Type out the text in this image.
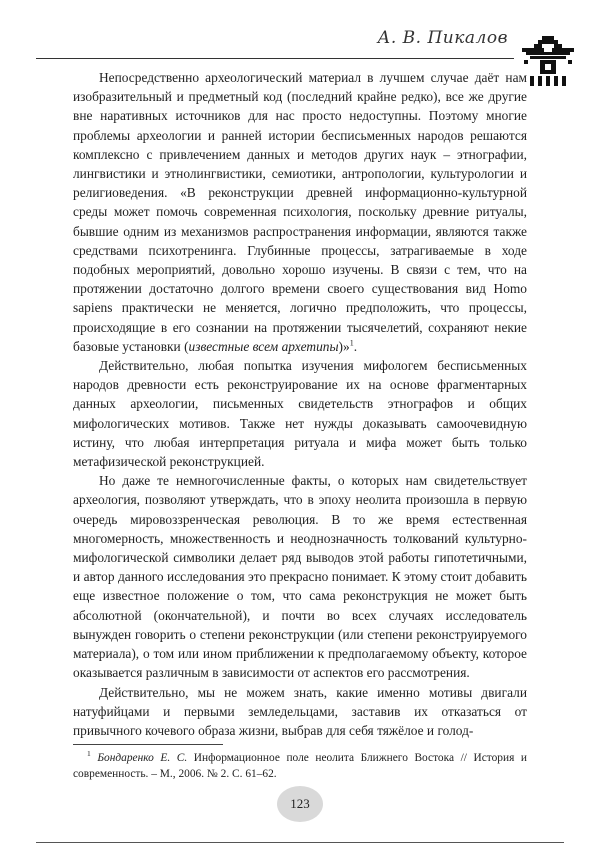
А. В. Пикалов

Непосредственно археологический материал в лучшем случае даёт нам изобразительный и предметный код (последний крайне редко), все же другие вне наративных источников для нас просто недоступны. Поэтому многие проблемы археологии и ранней истории бесписьменных народов решаются комплексно с привлечением данных и методов других наук – этнографии, лингвистики и этнолингвистики, семиотики, антропологии, культурологии и религиоведения. «В реконструкции древней информационно-культурной среды может помочь современная психология, поскольку древние ритуалы, бывшие одним из механизмов распространения информации, являются также средствами психотренинга. Глубинные процессы, затрагиваемые в ходе подобных мероприятий, довольно хорошо изучены. В связи с тем, что на протяжении достаточно долгого времени своего существования вид Homo sapiens практически не меняется, логично предположить, что процессы, происходящие в его сознании на протяжении тысячелетий, сохраняют некие базовые установки (известные всем архетипы)»$^1$.

Действительно, любая попытка изучения мифологем бесписьменных народов древности есть реконструирование их на основе фрагментарных данных археологии, письменных свидетельств этнографов и общих мифологических мотивов. Также нет нужды доказывать самоочевидную истину, что любая интерпретация ритуала и мифа может быть только метафизической реконструкцией.

Но даже те немногочисленные факты, о которых нам свидетельствует археология, позволяют утверждать, что в эпоху неолита произошла в первую очередь мировоззренческая революция. В то же время естественная многомерность, множественность и неоднозначность толкований культурно-мифологической символики делает ряд выводов этой работы гипотетичными, и автор данного исследования это прекрасно понимает. К этому стоит добавить еще известное положение о том, что сама реконструкция не может быть абсолютной (окончательной), и почти во всех случаях исследователь вынужден говорить о степени реконструкции (или степени реконструируемого материала), о том или ином приближении к предполагаемому объекту, которое оказывается различным в зависимости от аспектов его рассмотрения.

Действительно, мы не можем знать, какие именно мотивы двигали натуфийцами и первыми земледельцами, заставив их отказаться от привычного кочевого образа жизни, выбрав для себя тяжёлое и голод-

$^1$ Бондаренко Е. С. Информационное поле неолита Ближнего Востока // История и современность. – М., 2006. № 2. С. 61–62.
123
